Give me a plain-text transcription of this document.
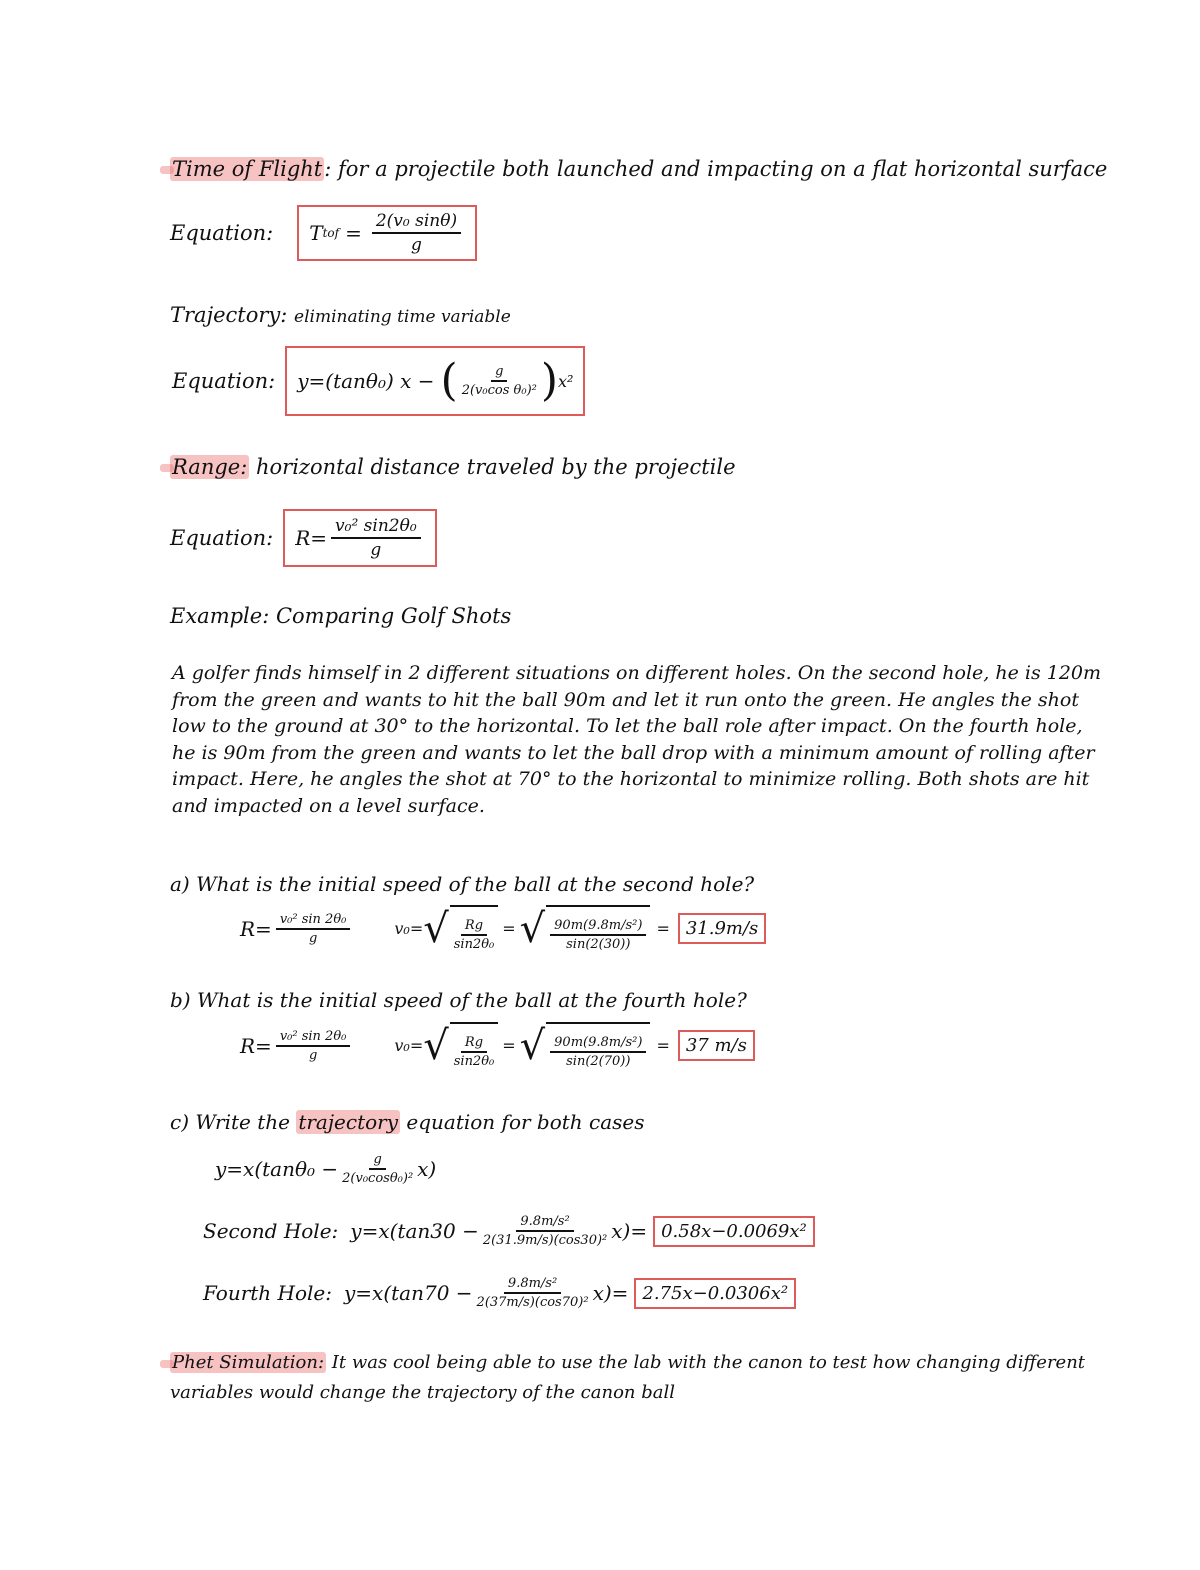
Time of Flight: for a projectile both launched and impacting on a flat horizontal surface
Equation: T tof = $\frac{\text{2(v₀ sinθ)}}{g}$
Trajectory: eliminating time variable
Equation: y=(tanθ₀) x − ( $\frac{g}{\text{2(v₀cos θ₀)²}}$ ) x²
Range: horizontal distance traveled by the projectile
Equation: $R= \frac{\text{v₀² sin2θ₀}}{g}$
Example: Comparing Golf Shots
A golfer finds himself in 2 different situations on different holes. On the second hole, he is 120m from the green and wants to hit the ball 90m and let it run onto the green. He angles the shot low to the ground at 30° to the horizontal. To let the ball role after impact. On the fourth hole, he is 90m from the green and wants to let the ball drop with a minimum amount of rolling after impact. Here, he angles the shot at 70° to the horizontal to minimize rolling. Both shots are hit and impacted on a level surface.
a) What is the initial speed of the ball at the second hole?
$R= \frac{\text{v₀² sin 2θ₀}}{g}$	v₀= √ $\frac{Rg}{\text{sin2θ₀}}$ = √ $\frac{\text{90m(9.8m/s²)}}{\sin(2(30))} = 31.9m/s$
b) What is the initial speed of the ball at the fourth hole?
$R= \frac{\text{v₀² sin 2θ₀}}{g}$	v₀= √ $\frac{Rg}{\text{sin2θ₀}}$ = √ $\frac{\text{90m(9.8m/s²)}}{\sin(2(70))} = 37$ m/s
c) Write the trajectory equation for both cases
$y=x(\tan\theta_0 - \frac{g}{\text{2(v₀cosθ₀)²}} x)$
Second Hole: $y=x(\tan 30 - \frac{\text{9.8m/s²}}{\text{2(31.9m/s)(cos30)²}} x)= 0.58x-0.0069x^2$
Fourth Hole: $y=x(\tan 70 - \frac{\text{9.8m/s²}}{\text{2(37m/s)(cos70)²}} x)= 2.75x-0.0306x^2$
Phet Simulation: It was cool being able to use the lab with the canon to test how changing different
variables would change the trajectory of the canon ball
